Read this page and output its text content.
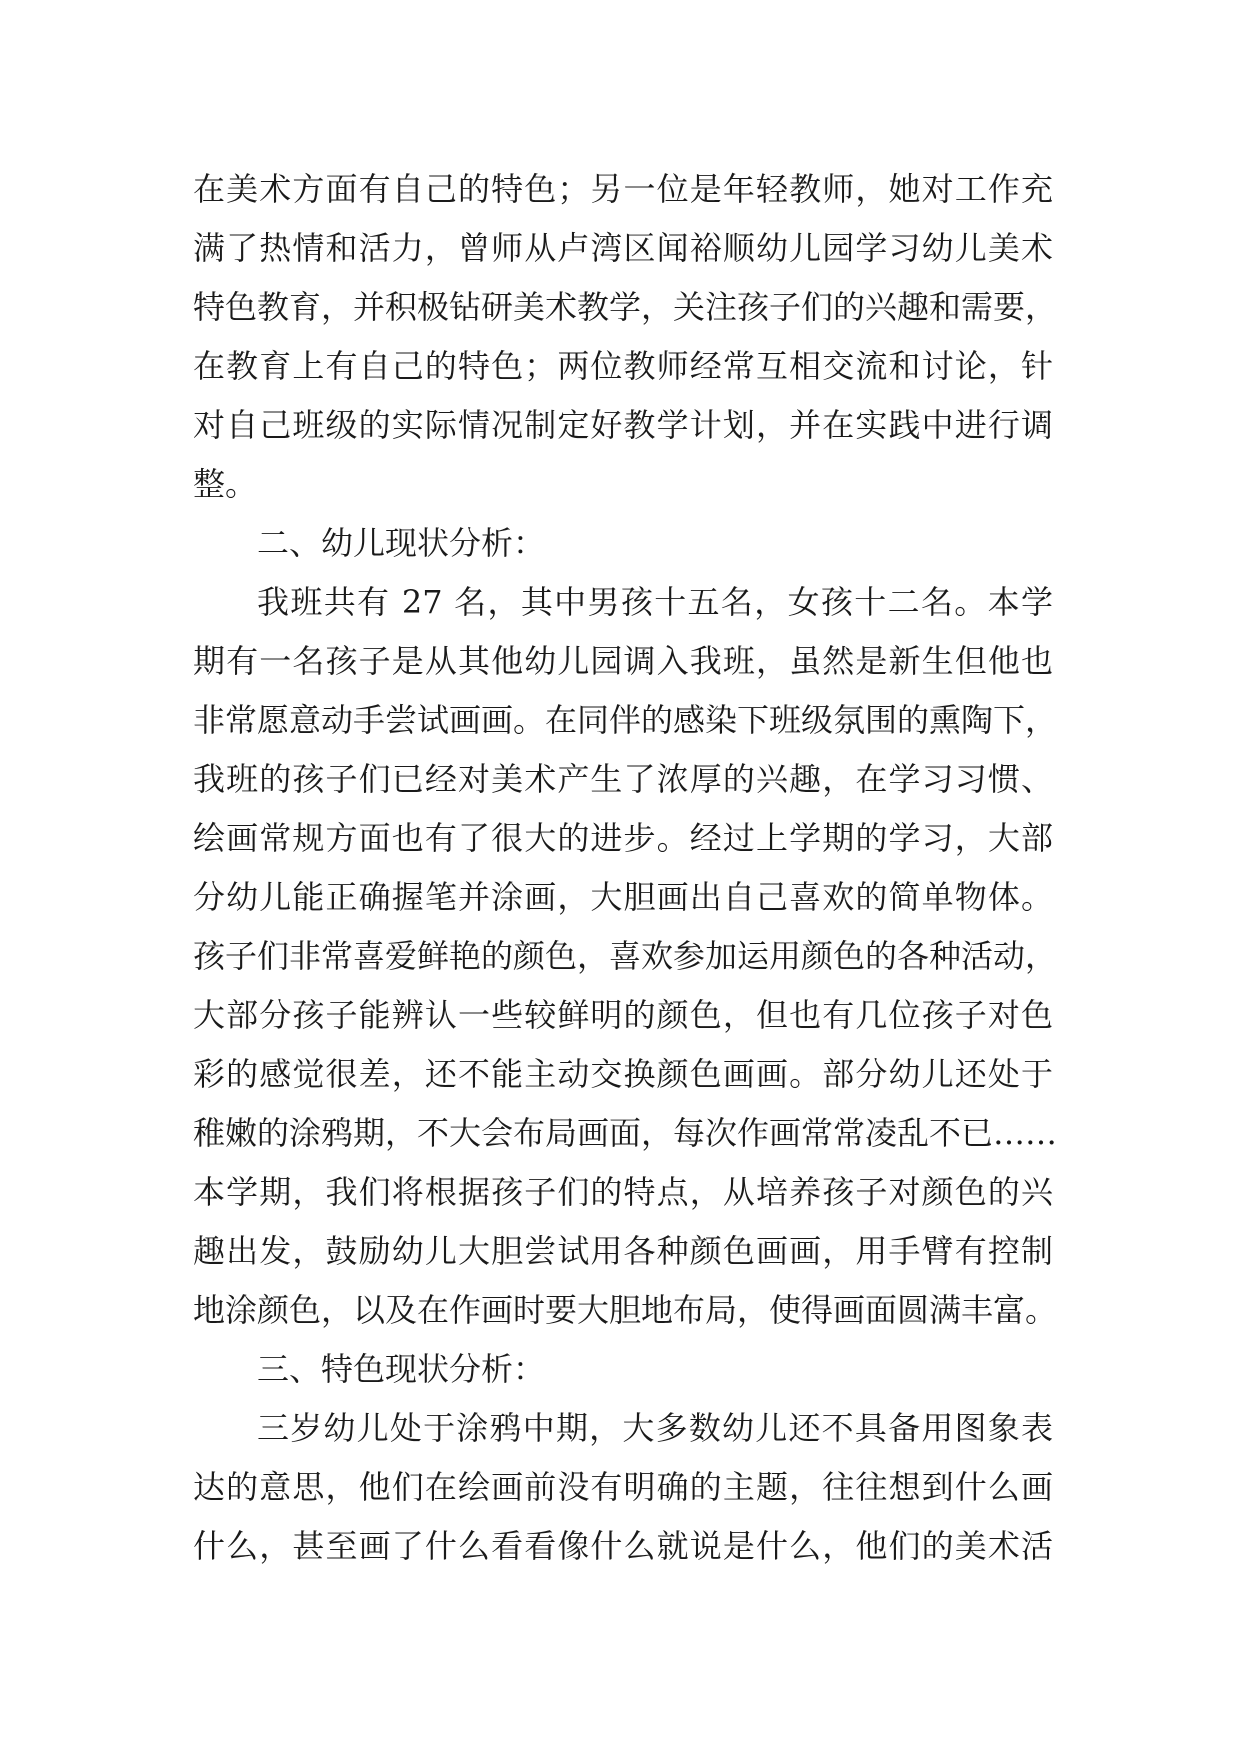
在美术方面有自己的特色；另一位是年轻教师，她对工作充
满了热情和活力，曾师从卢湾区闻裕顺幼儿园学习幼儿美术
特色教育，并积极钻研美术教学，关注孩子们的兴趣和需要，
在教育上有自己的特色；两位教师经常互相交流和讨论，针
对自己班级的实际情况制定好教学计划，并在实践中进行调
整。
二、幼儿现状分析：
我班共有 27 名，其中男孩十五名，女孩十二名。本学
期有一名孩子是从其他幼儿园调入我班，虽然是新生但他也
非常愿意动手尝试画画。在同伴的感染下班级氛围的熏陶下，
我班的孩子们已经对美术产生了浓厚的兴趣，在学习习惯、
绘画常规方面也有了很大的进步。经过上学期的学习，大部
分幼儿能正确握笔并涂画，大胆画出自己喜欢的简单物体。
孩子们非常喜爱鲜艳的颜色，喜欢参加运用颜色的各种活动，
大部分孩子能辨认一些较鲜明的颜色，但也有几位孩子对色
彩的感觉很差，还不能主动交换颜色画画。部分幼儿还处于
稚嫩的涂鸦期，不大会布局画面，每次作画常常凌乱不已……
本学期，我们将根据孩子们的特点，从培养孩子对颜色的兴
趣出发，鼓励幼儿大胆尝试用各种颜色画画，用手臂有控制
地涂颜色，以及在作画时要大胆地布局，使得画面圆满丰富。
三、特色现状分析：
三岁幼儿处于涂鸦中期，大多数幼儿还不具备用图象表
达的意思，他们在绘画前没有明确的主题，往往想到什么画
什么，甚至画了什么看看像什么就说是什么，他们的美术活
